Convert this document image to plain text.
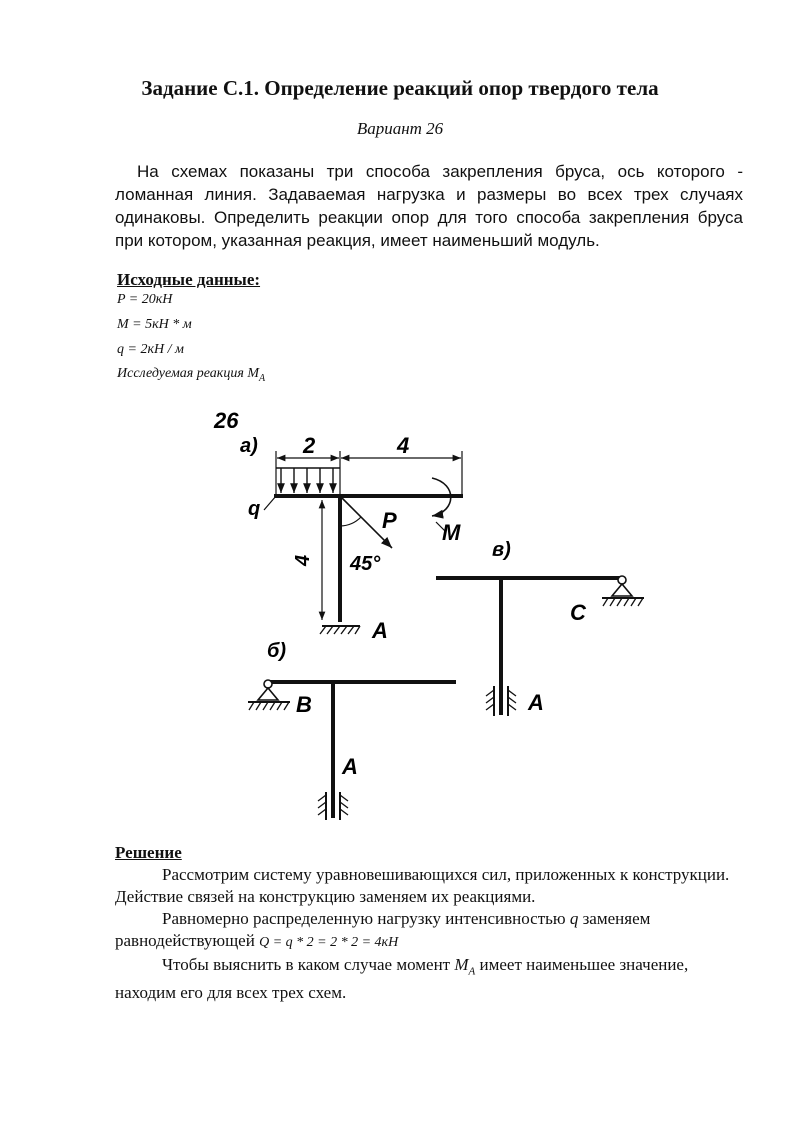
Задание С.1. Определение реакций опор твердого тела
Вариант 26
На схемах показаны три способа закрепления бруса, ось которого - ломанная линия. Задаваемая нагрузка и размеры во всех трех случаях одинаковы. Определить реакции опор для того способа закрепления бруса при котором, указанная реакция, имеет наименьший модуль.
Исходные данные:
P = 20кН
M = 5кН * м
q = 2кН / м
Исследуемая реакция $M_A$
26
а)
б)
в)
2	4
q
4 45°
P M
A
B
A
C
A
Решение
Рассмотрим систему уравновешивающихся сил, приложенных к конструкции. Действие связей на конструкцию заменяем их реакциями.
Равномерно распределенную нагрузку интенсивностью q заменяем равнодействующей Q = q * 2 = 2 * 2 = 4кН
Чтобы выяснить в каком случае момент $M_A$ имеет наименьшее значение, находим его для всех трех схем.
